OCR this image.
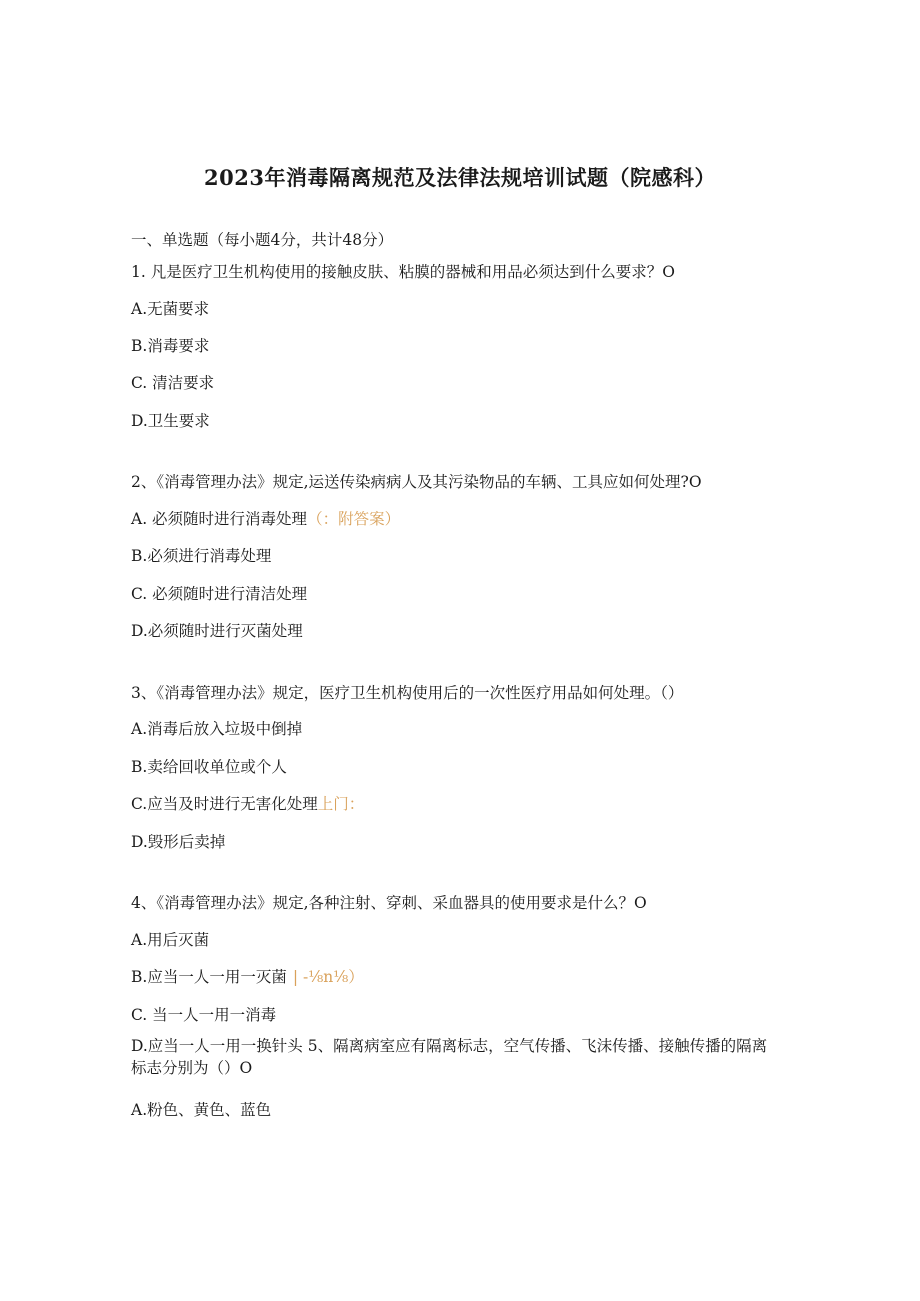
2023年消毒隔离规范及法律法规培训试题（院感科）
一、单选题（每小题4分，共计48分）
1. 凡是医疗卫生机构使用的接触皮肤、粘膜的器械和用品必须达到什么要求？O
A.无菌要求
B.消毒要求
C. 清洁要求
D.卫生要求
2、《消毒管理办法》规定,运送传染病病人及其污染物品的车辆、工具应如何处理?O
A. 必须随时进行消毒处理（：附答案）
B.必须进行消毒处理
C. 必须随时进行清洁处理
D.必须随时进行灭菌处理
3、《消毒管理办法》规定，医疗卫生机构使用后的一次性医疗用品如何处理。（）
A.消毒后放入垃圾中倒掉
B.卖给回收单位或个人
C.应当及时进行无害化处理上门：
D.毁形后卖掉
4、《消毒管理办法》规定,各种注射、穿刺、采血器具的使用要求是什么？O
A.用后灭菌
B.应当一人一用一灭菌 | -⅛n⅛）
C. 当一人一用一消毒
D.应当一人一用一换针头 5、隔离病室应有隔离标志，空气传播、飞沫传播、接触传播的隔离标志分别为（）O
A.粉色、黄色、蓝色
